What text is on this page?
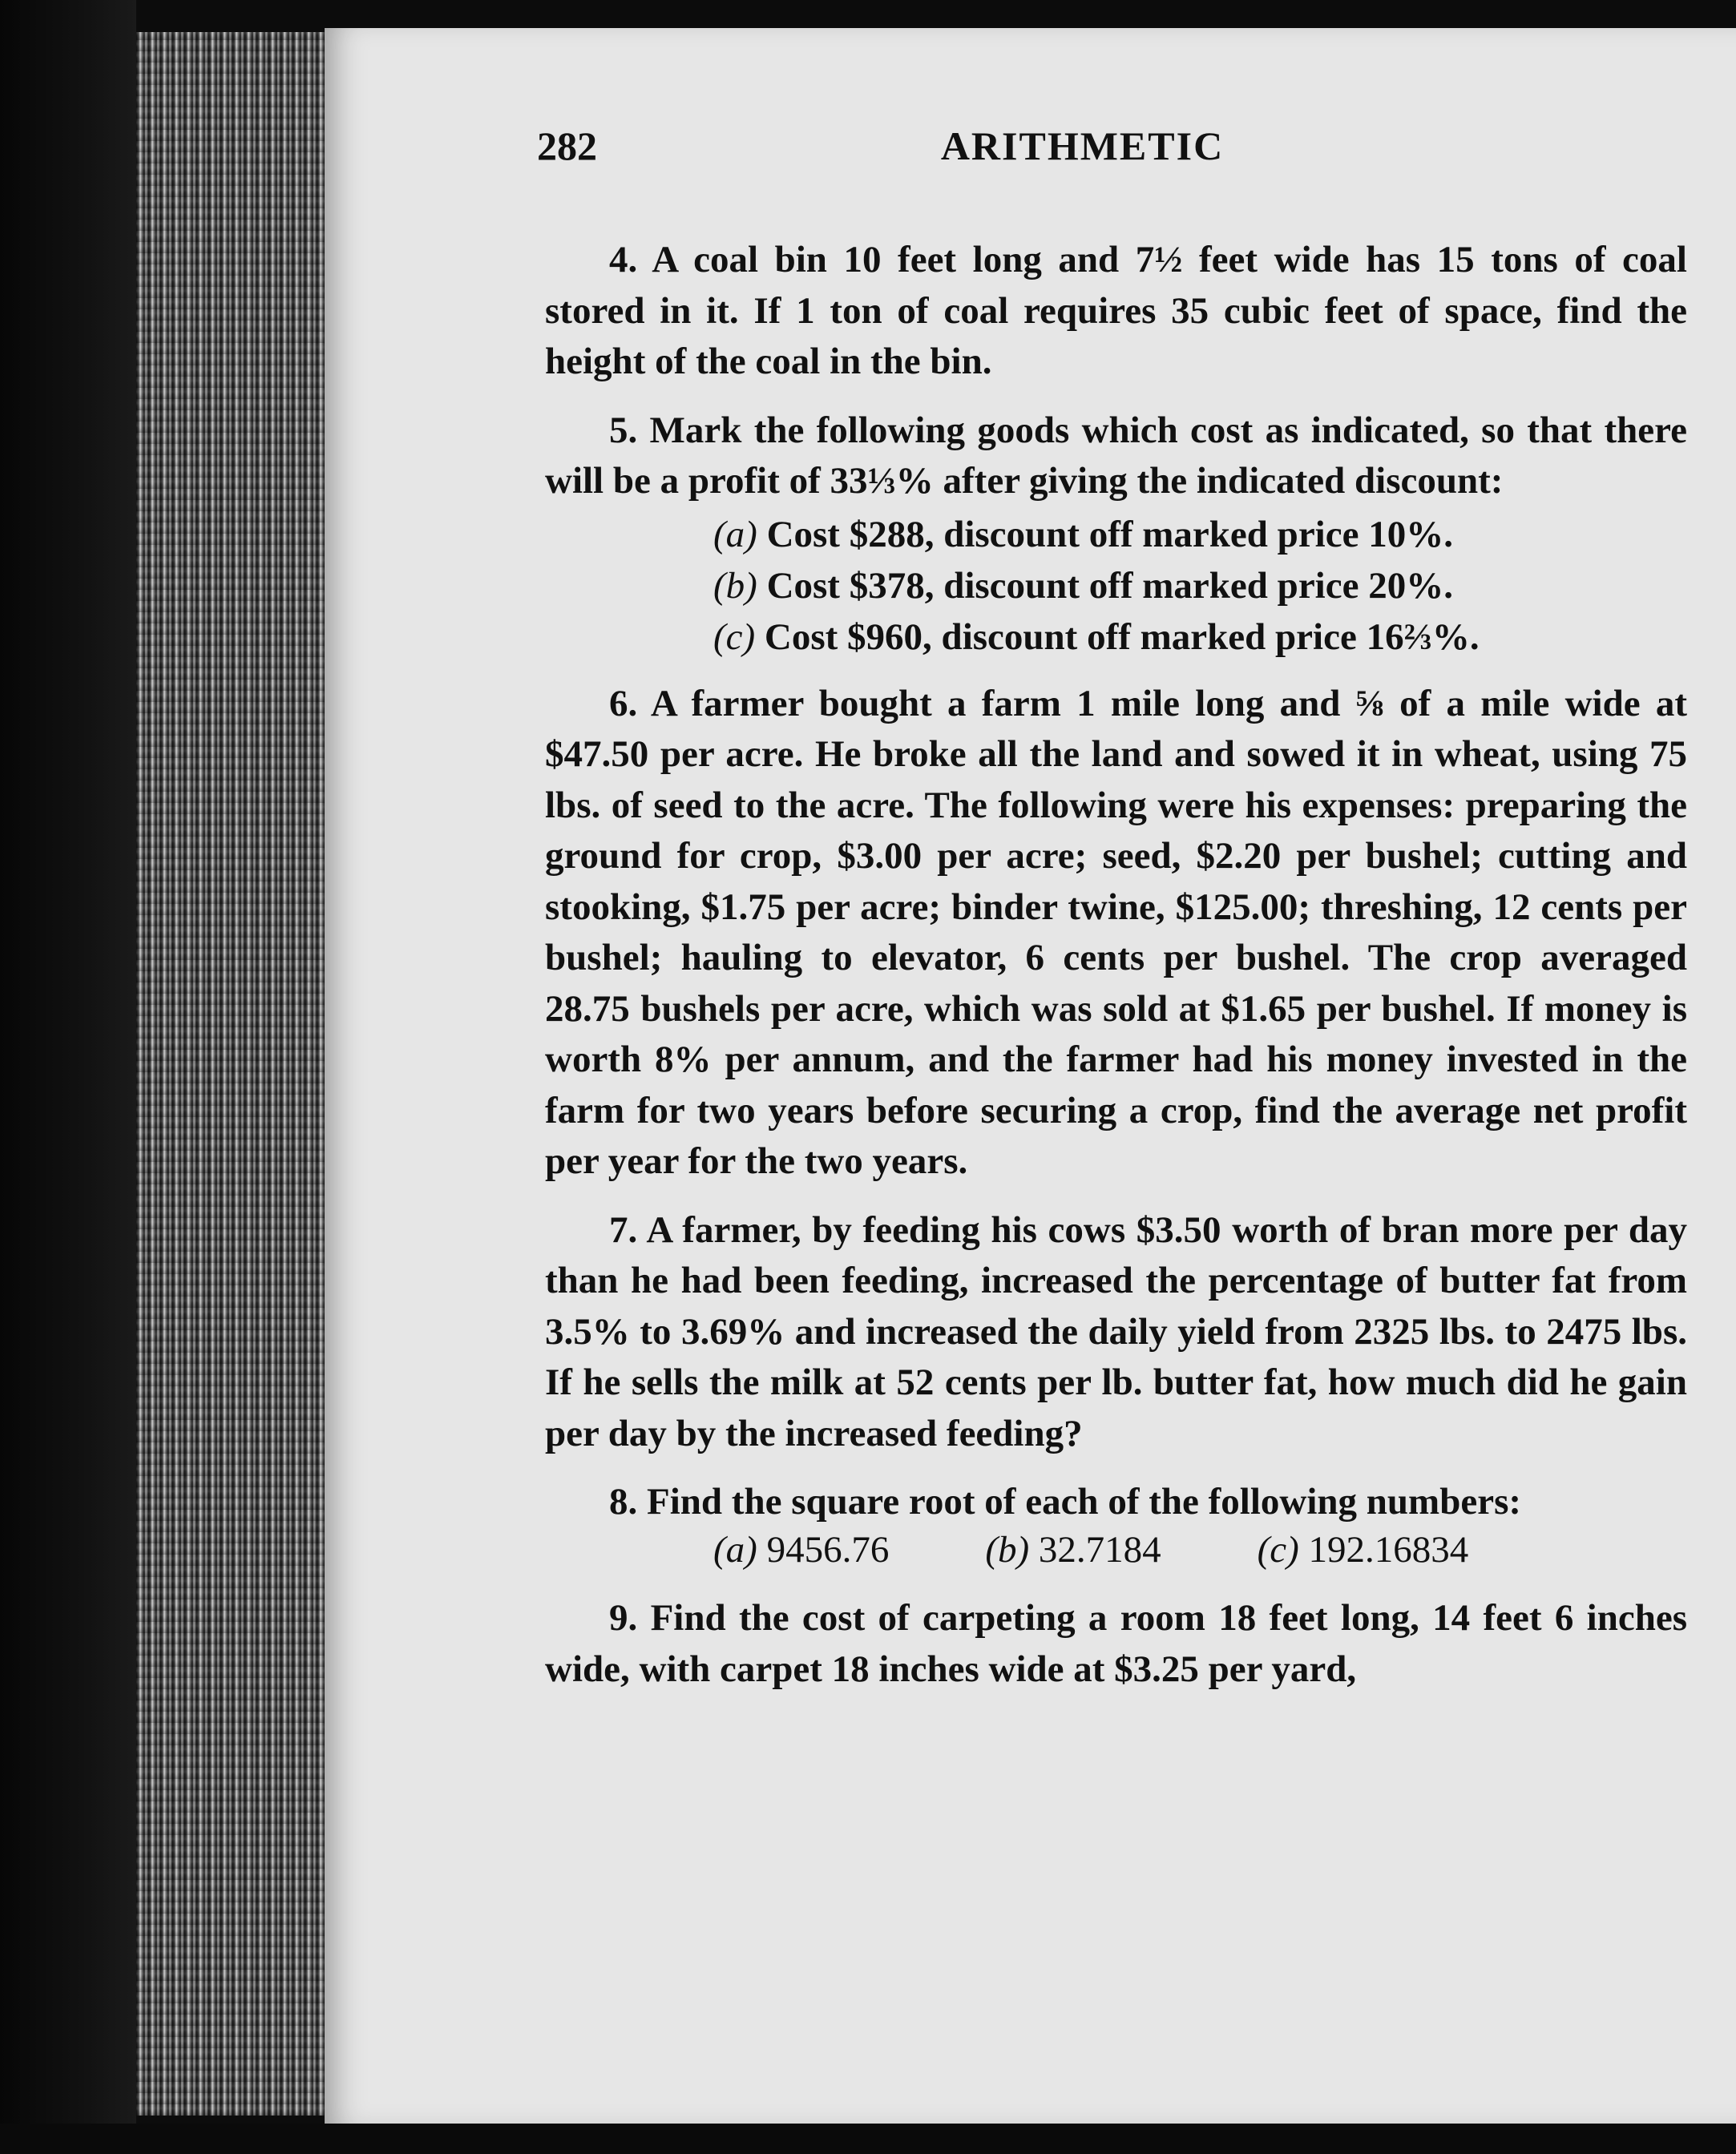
282	ARITHMETIC

4. A coal bin 10 feet long and 7½ feet wide has 15 tons of coal stored in it. If 1 ton of coal requires 35 cubic feet of space, find the height of the coal in the bin.

5. Mark the following goods which cost as indicated, so that there will be a profit of 33⅓% after giving the indicated discount:

(a) Cost $288, discount off marked price 10%.
(b) Cost $378, discount off marked price 20%.
(c) Cost $960, discount off marked price 16⅔%.

6. A farmer bought a farm 1 mile long and ⅝ of a mile wide at $47.50 per acre. He broke all the land and sowed it in wheat, using 75 lbs. of seed to the acre. The following were his expenses: preparing the ground for crop, $3.00 per acre; seed, $2.20 per bushel; cutting and stooking, $1.75 per acre; binder twine, $125.00; threshing, 12 cents per bushel; hauling to elevator, 6 cents per bushel. The crop averaged 28.75 bushels per acre, which was sold at $1.65 per bushel. If money is worth 8% per annum, and the farmer had his money invested in the farm for two years before securing a crop, find the average net profit per year for the two years.

7. A farmer, by feeding his cows $3.50 worth of bran more per day than he had been feeding, increased the percentage of butter fat from 3.5% to 3.69% and increased the daily yield from 2325 lbs. to 2475 lbs. If he sells the milk at 52 cents per lb. butter fat, how much did he gain per day by the increased feeding?

8. Find the square root of each of the following numbers:

(a) 9456.76	(b) 32.7184	(c) 192.16834

9. Find the cost of carpeting a room 18 feet long, 14 feet 6 inches wide, with carpet 18 inches wide at $3.25 per yard,
